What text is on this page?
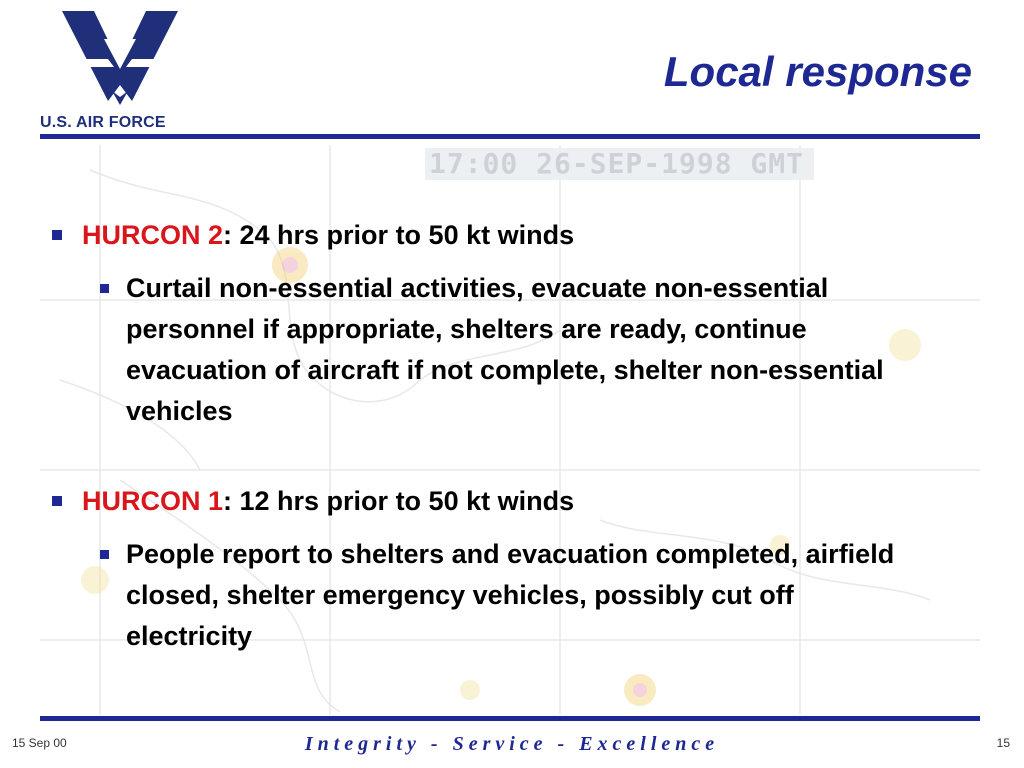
17:00 26-SEP-1998 GMT
U.S. AIR FORCE
Local response
HURCON 2: 24 hrs prior to 50 kt winds
Curtail non-essential activities, evacuate non-essential personnel if appropriate, shelters are ready, continue evacuation of aircraft if not complete, shelter non-essential vehicles
HURCON 1: 12 hrs prior to 50 kt winds
People report to shelters and evacuation completed, airfield closed, shelter emergency vehicles, possibly cut off electricity
15 Sep 00	Integrity - Service - Excellence	15
